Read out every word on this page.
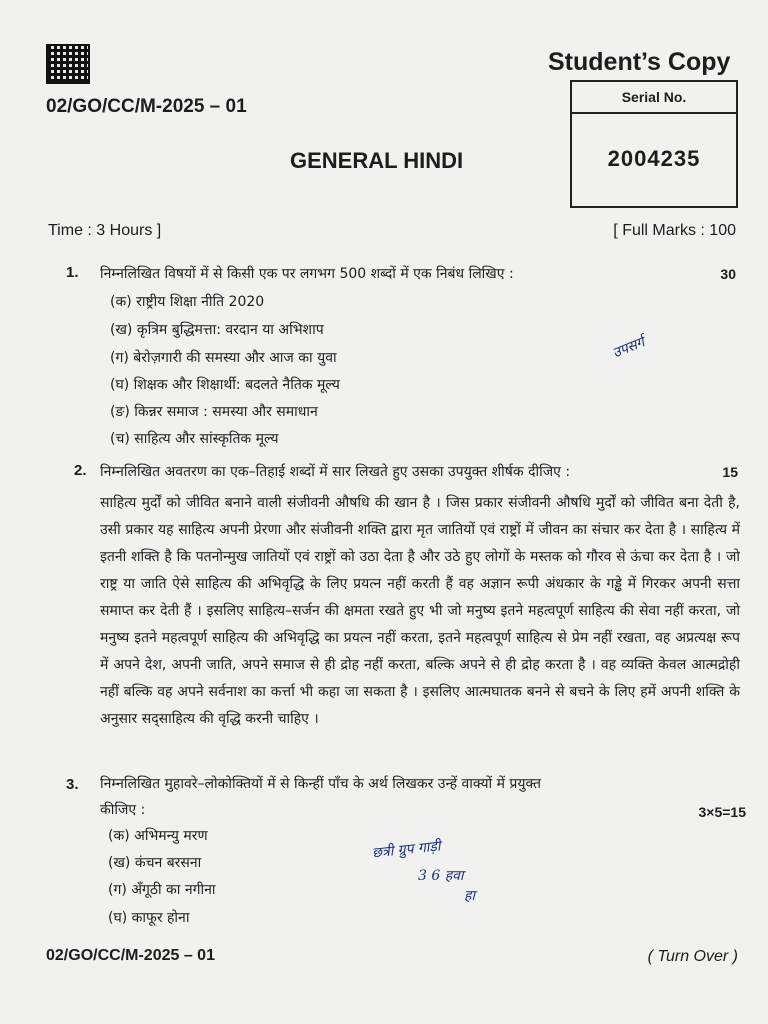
Student’s Copy
Serial No.
2004235
02/GO/CC/M-2025 – 01
GENERAL HINDI
Time : 3 Hours ]	[ Full Marks : 100
1. निम्नलिखित विषयों में से किसी एक पर लगभग 500 शब्दों में एक निबंध लिखिए :	30
(क) राष्ट्रीय शिक्षा नीति 2020
(ख) कृत्रिम बुद्धिमत्ता: वरदान या अभिशाप
(ग) बेरोज़गारी की समस्या और आज का युवा
(घ) शिक्षक और शिक्षार्थी: बदलते नैतिक मूल्य
(ङ) किन्नर समाज : समस्या और समाधान
(च) साहित्य और सांस्कृतिक मूल्य
उपसर्ग
2. निम्नलिखित अवतरण का एक–तिहाई शब्दों में सार लिखते हुए उसका उपयुक्त शीर्षक दीजिए :	15
साहित्य मुर्दों को जीवित बनाने वाली संजीवनी औषधि की खान है । जिस प्रकार संजीवनी औषधि मुर्दों को जीवित बना देती है, उसी प्रकार यह साहित्य अपनी प्रेरणा और संजीवनी शक्ति द्वारा मृत जातियों एवं राष्ट्रों में जीवन का संचार कर देता है । साहित्य में इतनी शक्ति है कि पतनोन्मुख जातियों एवं राष्ट्रों को उठा देता है और उठे हुए लोगों के मस्तक को गौरव से ऊंचा कर देता है । जो राष्ट्र या जाति ऐसे साहित्य की अभिवृद्धि के लिए प्रयत्न नहीं करती हैं वह अज्ञान रूपी अंधकार के गड्ढे में गिरकर अपनी सत्ता समाप्त कर देती हैं । इसलिए साहित्य–सर्जन की क्षमता रखते हुए भी जो मनुष्य इतने महत्वपूर्ण साहित्य की सेवा नहीं करता, जो मनुष्य इतने महत्वपूर्ण साहित्य की अभिवृद्धि का प्रयत्न नहीं करता, इतने महत्वपूर्ण साहित्य से प्रेम नहीं रखता, वह अप्रत्यक्ष रूप में अपने देश, अपनी जाति, अपने समाज से ही द्रोह नहीं करता, बल्कि अपने से ही द्रोह करता है । वह व्यक्ति केवल आत्मद्रोही नहीं बल्कि वह अपने सर्वनाश का कर्त्ता भी कहा जा सकता है । इसलिए आत्मघातक बनने से बचने के लिए हमें अपनी शक्ति के अनुसार सद्साहित्य की वृद्धि करनी चाहिए ।
3. निम्नलिखित मुहावरे–लोकोक्तियों में से किन्हीं पाँच के अर्थ लिखकर उन्हें वाक्यों में प्रयुक्त
कीजिए :	3×5=15
(क) अभिमन्यु मरण
(ख) कंचन बरसना
(ग) अँगूठी का नगीना
(घ) काफूर होना
छत्री ग्रुप गाड़ी
3 6 हवा
हा
02/GO/CC/M-2025 – 01	( Turn Over )
